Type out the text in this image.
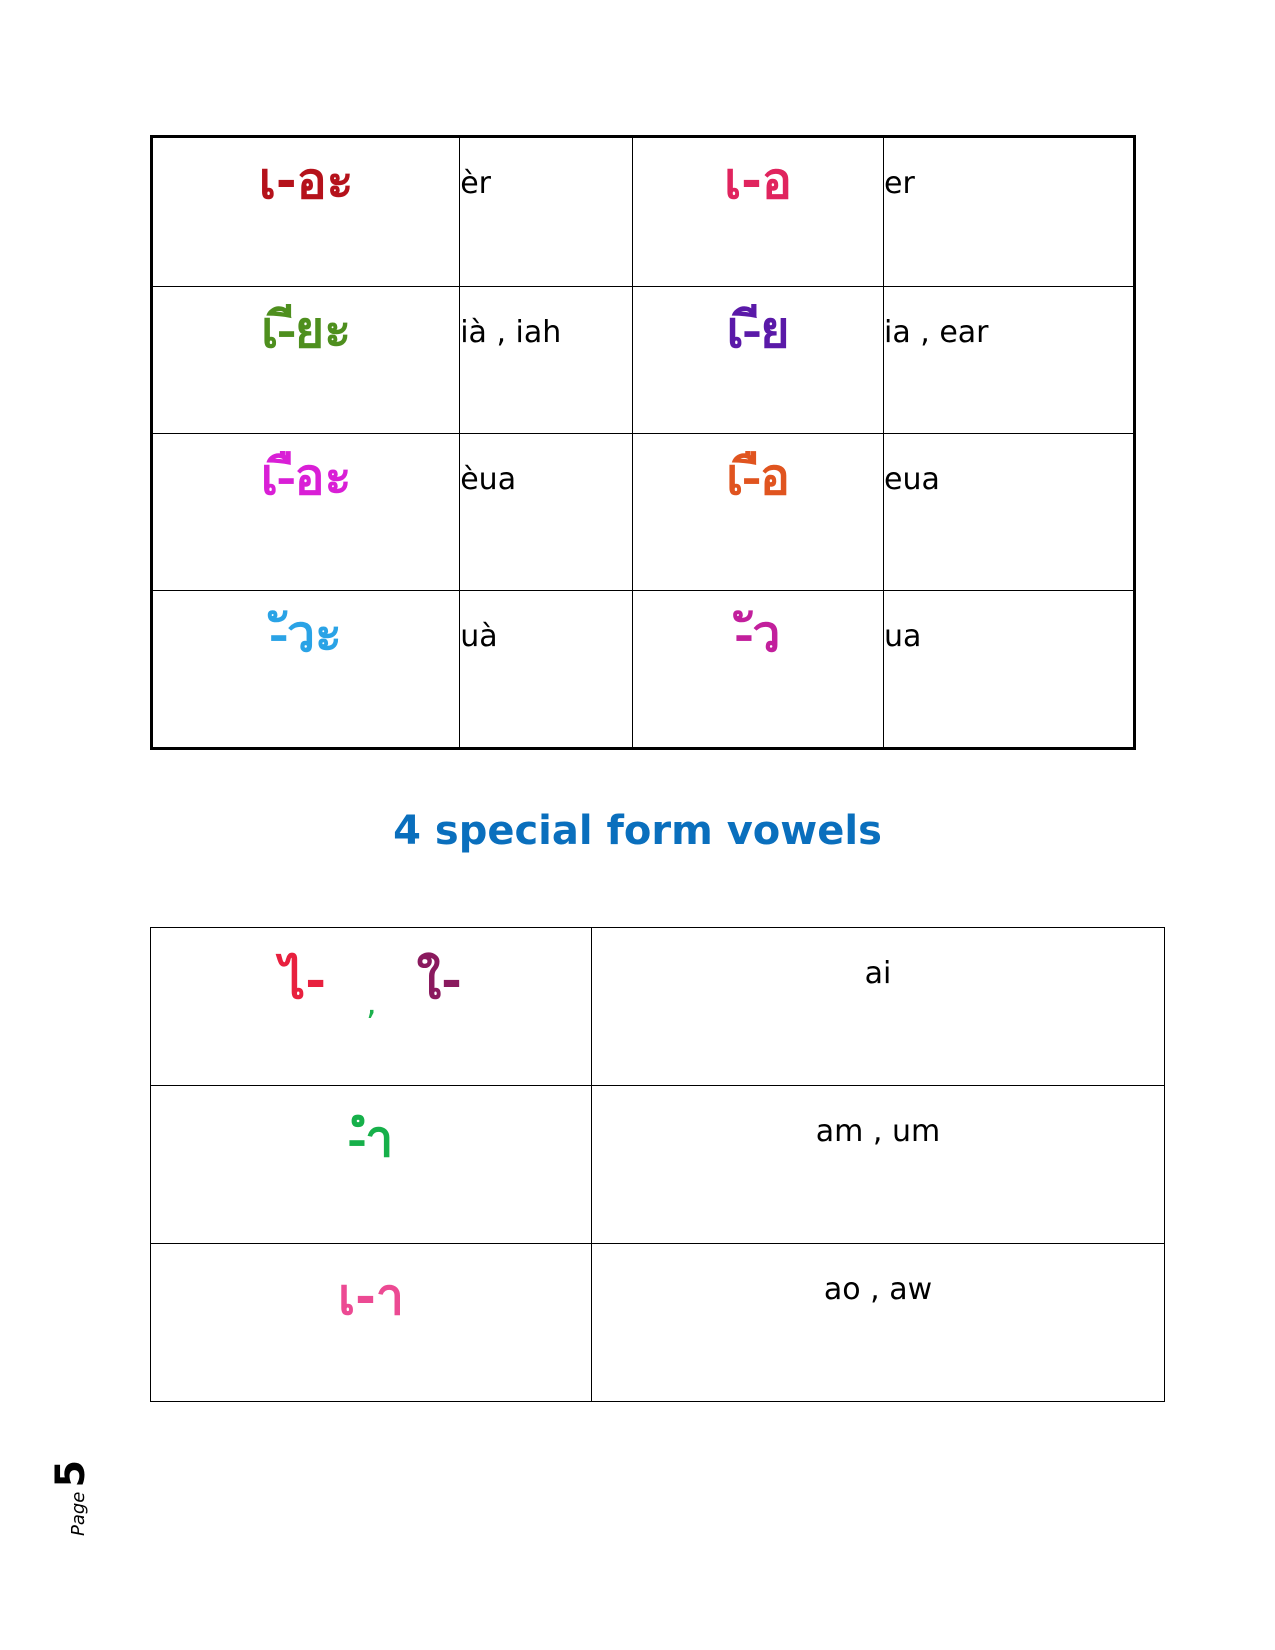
เ-อะ	èr	เ-อ	er
เ-ียะ	ià , iah	เ-ีย	ia , ear
เ-ือะ	èua	เ-ือ	eua
-ัวะ	uà	-ัว	ua
4 special form vowels
ไ- , ใ-	ai
-ำ	am , um
เ-า	ao , aw
Page5
